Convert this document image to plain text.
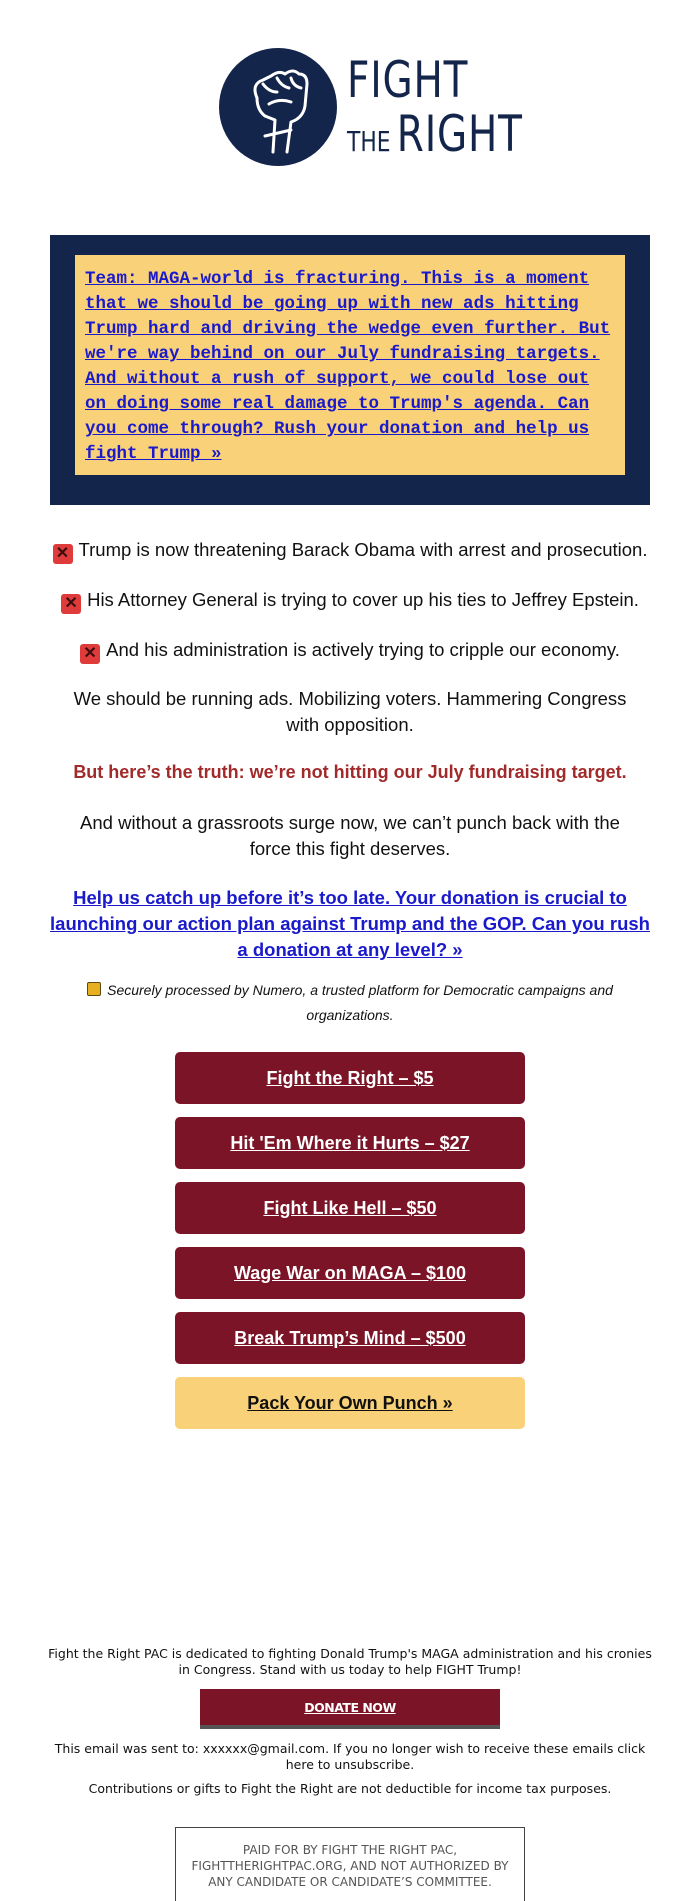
FIGHT
THE RIGHT
Team: MAGA-world is fracturing. This is a moment that we should be going up with new ads hitting Trump hard and driving the wedge even further. But we're way behind on our July fundraising targets. And without a rush of support, we could lose out on doing some real damage to Trump's agenda. Can you come through? Rush your donation and help us fight Trump »
✕ Trump is now threatening Barack Obama with arrest and prosecution.
✕ His Attorney General is trying to cover up his ties to Jeffrey Epstein.
✕ And his administration is actively trying to cripple our economy.
We should be running ads. Mobilizing voters. Hammering Congress with opposition.
But here’s the truth: we’re not hitting our July fundraising target.
And without a grassroots surge now, we can’t punch back with the force this fight deserves.
Help us catch up before it’s too late. Your donation is crucial to launching our action plan against Trump and the GOP. Can you rush a donation at any level? »
Securely processed by Numero, a trusted platform for Democratic campaigns and organizations.
Fight the Right – $5
Hit 'Em Where it Hurts – $27
Fight Like Hell – $50
Wage War on MAGA – $100
Break Trump’s Mind – $500
Pack Your Own Punch »
Fight the Right PAC is dedicated to fighting Donald Trump's MAGA administration and his cronies in Congress. Stand with us today to help FIGHT Trump!
DONATE NOW
This email was sent to: xxxxxx@gmail.com. If you no longer wish to receive these emails click here to unsubscribe.
Contributions or gifts to Fight the Right are not deductible for income tax purposes.
PAID FOR BY FIGHT THE RIGHT PAC, FIGHTTHERIGHTPAC.ORG, AND NOT AUTHORIZED BY ANY CANDIDATE OR CANDIDATE’S COMMITTEE.
